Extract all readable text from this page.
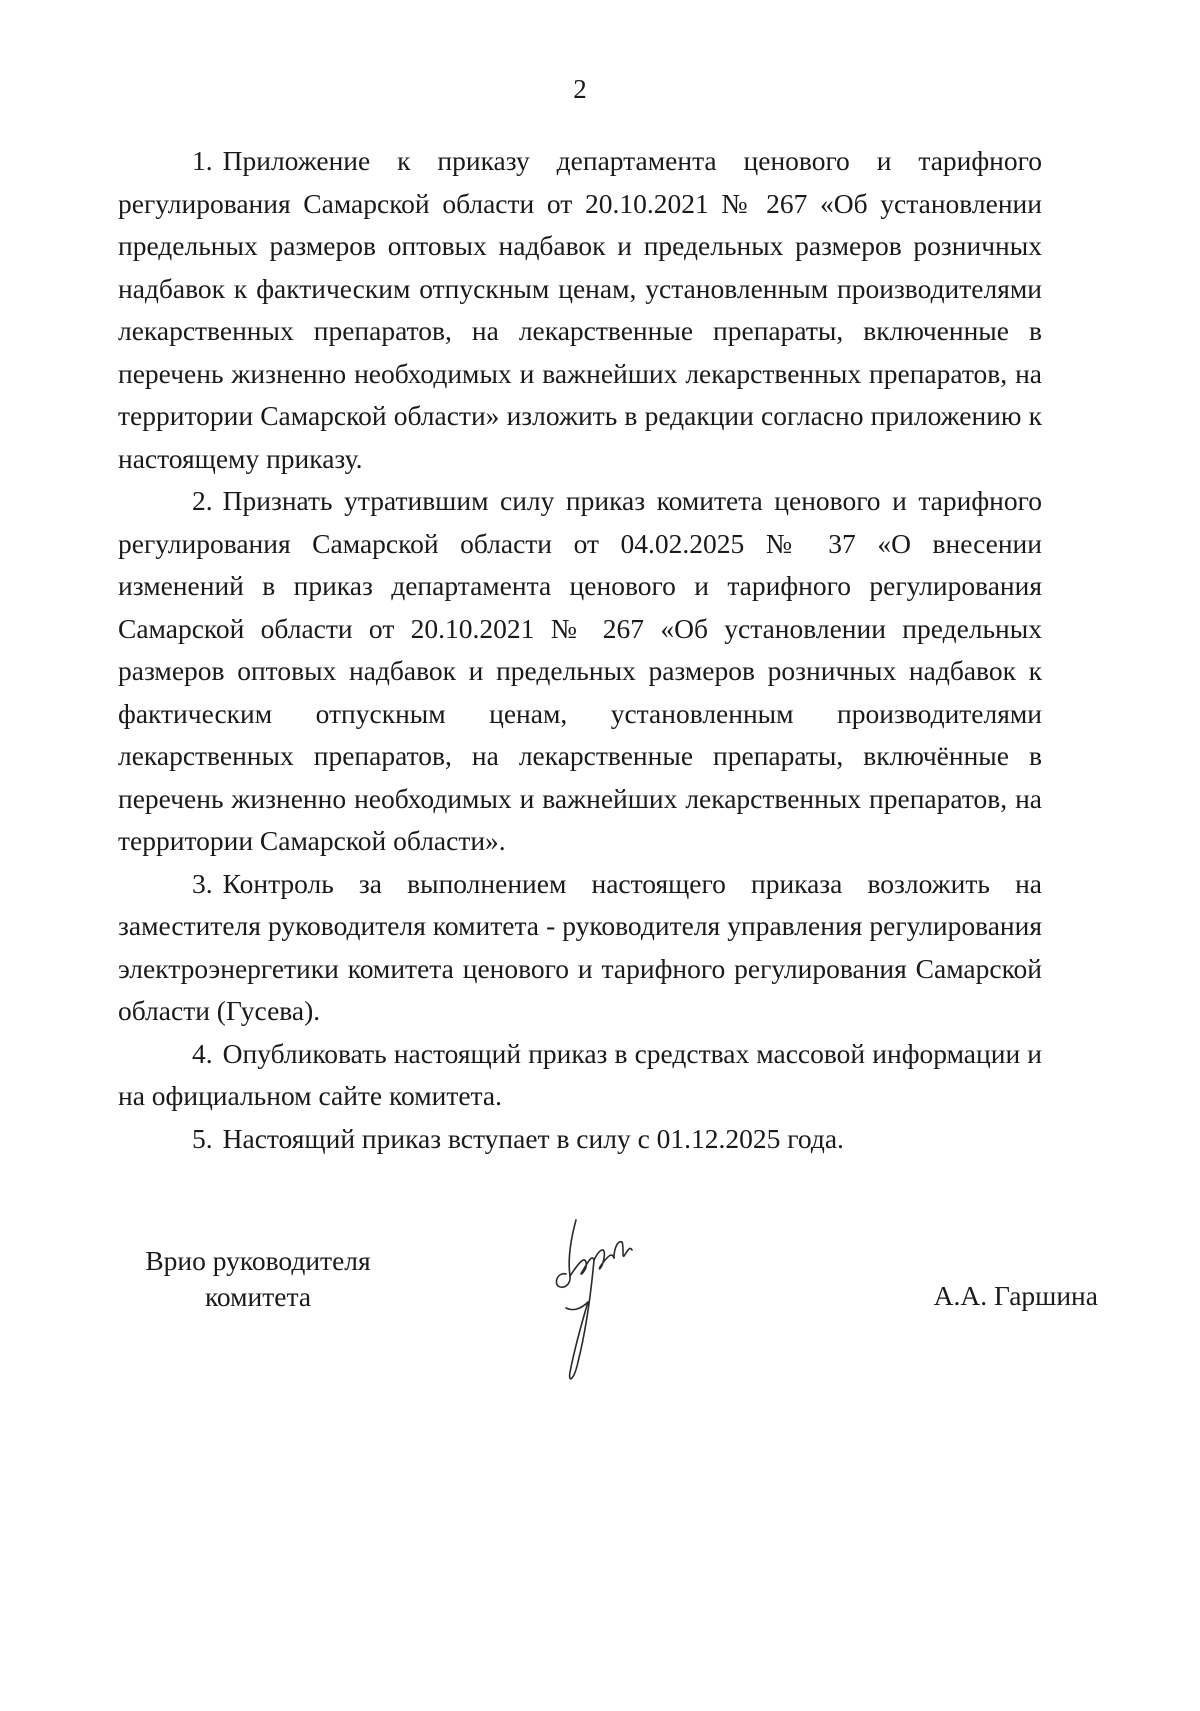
2

1. Приложение к приказу департамента ценового и тарифного регулирования Самарской области от 20.10.2021 № 267 «Об установлении предельных размеров оптовых надбавок и предельных размеров розничных надбавок к фактическим отпускным ценам, установленным производителями лекарственных препаратов, на лекарственные препараты, включенные в перечень жизненно необходимых и важнейших лекарственных препаратов, на территории Самарской области» изложить в редакции согласно приложению к настоящему приказу.

2. Признать утратившим силу приказ комитета ценового и тарифного регулирования Самарской области от 04.02.2025 № 37 «О внесении изменений в приказ департамента ценового и тарифного регулирования Самарской области от 20.10.2021 № 267 «Об установлении предельных размеров оптовых надбавок и предельных размеров розничных надбавок к фактическим отпускным ценам, установленным производителями лекарственных препаратов, на лекарственные препараты, включённые в перечень жизненно необходимых и важнейших лекарственных препаратов, на территории Самарской области».

3. Контроль за выполнением настоящего приказа возложить на заместителя руководителя комитета - руководителя управления регулирования электроэнергетики комитета ценового и тарифного регулирования Самарской области (Гусева).

4. Опубликовать настоящий приказ в средствах массовой информации и на официальном сайте комитета.

5. Настоящий приказ вступает в силу с 01.12.2025 года.

Врио руководителя
комитета	А.А. Гаршина
